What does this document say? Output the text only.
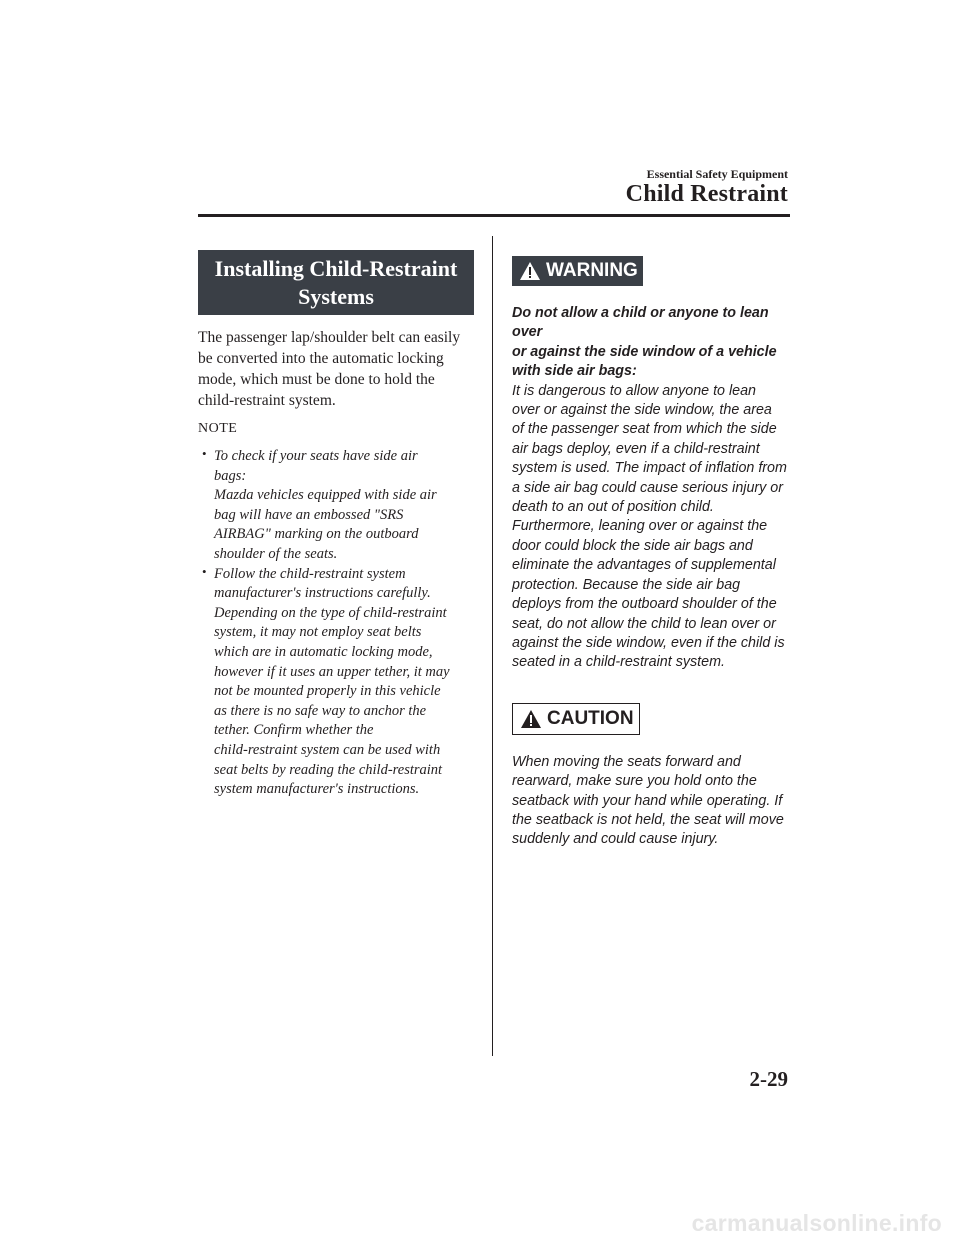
Essential Safety Equipment
Child Restraint
Installing Child-Restraint
Systems

The passenger lap/shoulder belt can easily be converted into the automatic locking mode, which must be done to hold the child-restraint system.

NOTE
• To check if your seats have side air
bags:
Mazda vehicles equipped with side air
bag will have an embossed "SRS
AIRBAG" marking on the outboard
shoulder of the seats.
• Follow the child-restraint system
manufacturer's instructions carefully.
Depending on the type of child-restraint
system, it may not employ seat belts
which are in automatic locking mode,
however if it uses an upper tether, it may
not be mounted properly in this vehicle
as there is no safe way to anchor the
tether. Confirm whether the
child-restraint system can be used with
seat belts by reading the child-restraint
system manufacturer's instructions.
WARNING

Do not allow a child or anyone to lean over
or against the side window of a vehicle
with side air bags:

It is dangerous to allow anyone to lean
over or against the side window, the area
of the passenger seat from which the side
air bags deploy, even if a child-restraint
system is used. The impact of inflation from
a side air bag could cause serious injury or
death to an out of position child.
Furthermore, leaning over or against the
door could block the side air bags and
eliminate the advantages of supplemental
protection. Because the side air bag
deploys from the outboard shoulder of the
seat, do not allow the child to lean over or
against the side window, even if the child is
seated in a child-restraint system.

CAUTION

When moving the seats forward and
rearward, make sure you hold onto the
seatback with your hand while operating. If
the seatback is not held, the seat will move
suddenly and could cause injury.

2-29
carmanualsonline.info
